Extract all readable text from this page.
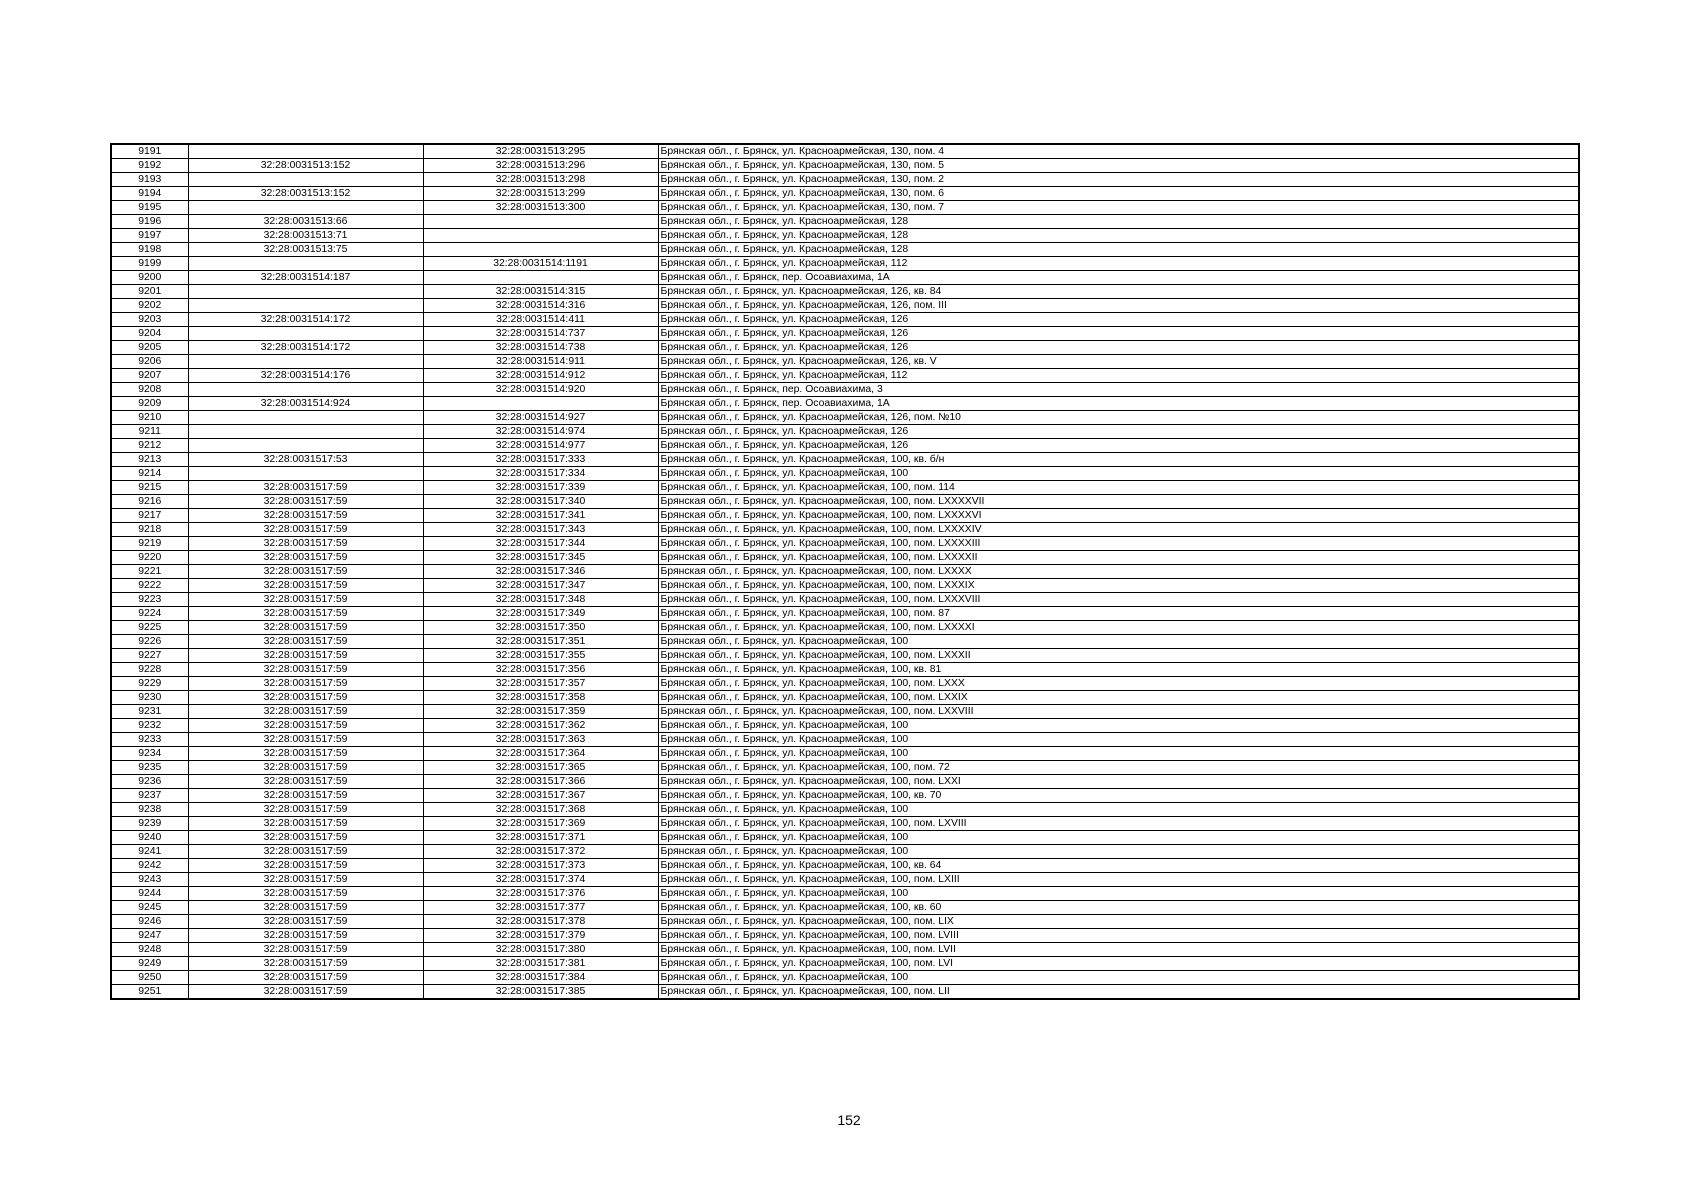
9191		32:28:0031513:295	Брянская обл., г. Брянск, ул. Красноармейская, 130, пом. 4
9192	32:28:0031513:152	32:28:0031513:296	Брянская обл., г. Брянск, ул. Красноармейская, 130, пом. 5
9193		32:28:0031513:298	Брянская обл., г. Брянск, ул. Красноармейская, 130, пом. 2
9194	32:28:0031513:152	32:28:0031513:299	Брянская обл., г. Брянск, ул. Красноармейская, 130, пом. 6
9195		32:28:0031513:300	Брянская обл., г. Брянск, ул. Красноармейская, 130, пом. 7
9196	32:28:0031513:66		Брянская обл., г. Брянск, ул. Красноармейская, 128
9197	32:28:0031513:71		Брянская обл., г. Брянск, ул. Красноармейская, 128
9198	32:28:0031513:75		Брянская обл., г. Брянск, ул. Красноармейская, 128
9199		32:28:0031514:1191	Брянская обл., г. Брянск, ул. Красноармейская, 112
9200	32:28:0031514:187		Брянская обл., г. Брянск, пер. Осоавиахима, 1А
9201		32:28:0031514:315	Брянская обл., г. Брянск, ул. Красноармейская, 126, кв. 84
9202		32:28:0031514:316	Брянская обл., г. Брянск, ул. Красноармейская, 126, пом. III
9203	32:28:0031514:172	32:28:0031514:411	Брянская обл., г. Брянск, ул. Красноармейская, 126
9204		32:28:0031514:737	Брянская обл., г. Брянск, ул. Красноармейская, 126
9205	32:28:0031514:172	32:28:0031514:738	Брянская обл., г. Брянск, ул. Красноармейская, 126
9206		32:28:0031514:911	Брянская обл., г. Брянск, ул. Красноармейская, 126, кв. V
9207	32:28:0031514:176	32:28:0031514:912	Брянская обл., г. Брянск, ул. Красноармейская, 112
9208		32:28:0031514:920	Брянская обл., г. Брянск, пер. Осоавиахима, 3
9209	32:28:0031514:924		Брянская обл., г. Брянск, пер. Осоавиахима, 1А
9210		32:28:0031514:927	Брянская обл., г. Брянск, ул. Красноармейская, 126, пом. №10
9211		32:28:0031514:974	Брянская обл., г. Брянск, ул. Красноармейская, 126
9212		32:28:0031514:977	Брянская обл., г. Брянск, ул. Красноармейская, 126
9213	32:28:0031517:53	32:28:0031517:333	Брянская обл., г. Брянск, ул. Красноармейская, 100, кв. б/н
9214		32:28:0031517:334	Брянская обл., г. Брянск, ул. Красноармейская, 100
9215	32:28:0031517:59	32:28:0031517:339	Брянская обл., г. Брянск, ул. Красноармейская, 100, пом. 114
9216	32:28:0031517:59	32:28:0031517:340	Брянская обл., г. Брянск, ул. Красноармейская, 100, пом. LXXXXVII
9217	32:28:0031517:59	32:28:0031517:341	Брянская обл., г. Брянск, ул. Красноармейская, 100, пом. LXXXXVI
9218	32:28:0031517:59	32:28:0031517:343	Брянская обл., г. Брянск, ул. Красноармейская, 100, пом. LXXXXIV
9219	32:28:0031517:59	32:28:0031517:344	Брянская обл., г. Брянск, ул. Красноармейская, 100, пом. LXXXXIII
9220	32:28:0031517:59	32:28:0031517:345	Брянская обл., г. Брянск, ул. Красноармейская, 100, пом. LXXXXII
9221	32:28:0031517:59	32:28:0031517:346	Брянская обл., г. Брянск, ул. Красноармейская, 100, пом. LXXXX
9222	32:28:0031517:59	32:28:0031517:347	Брянская обл., г. Брянск, ул. Красноармейская, 100, пом. LXXXIX
9223	32:28:0031517:59	32:28:0031517:348	Брянская обл., г. Брянск, ул. Красноармейская, 100, пом. LXXXVIII
9224	32:28:0031517:59	32:28:0031517:349	Брянская обл., г. Брянск, ул. Красноармейская, 100, пом. 87
9225	32:28:0031517:59	32:28:0031517:350	Брянская обл., г. Брянск, ул. Красноармейская, 100, пом. LXXXXI
9226	32:28:0031517:59	32:28:0031517:351	Брянская обл., г. Брянск, ул. Красноармейская, 100
9227	32:28:0031517:59	32:28:0031517:355	Брянская обл., г. Брянск, ул. Красноармейская, 100, пом. LXXXII
9228	32:28:0031517:59	32:28:0031517:356	Брянская обл., г. Брянск, ул. Красноармейская, 100, кв. 81
9229	32:28:0031517:59	32:28:0031517:357	Брянская обл., г. Брянск, ул. Красноармейская, 100, пом. LXXX
9230	32:28:0031517:59	32:28:0031517:358	Брянская обл., г. Брянск, ул. Красноармейская, 100, пом. LXXIX
9231	32:28:0031517:59	32:28:0031517:359	Брянская обл., г. Брянск, ул. Красноармейская, 100, пом. LXXVIII
9232	32:28:0031517:59	32:28:0031517:362	Брянская обл., г. Брянск, ул. Красноармейская, 100
9233	32:28:0031517:59	32:28:0031517:363	Брянская обл., г. Брянск, ул. Красноармейская, 100
9234	32:28:0031517:59	32:28:0031517:364	Брянская обл., г. Брянск, ул. Красноармейская, 100
9235	32:28:0031517:59	32:28:0031517:365	Брянская обл., г. Брянск, ул. Красноармейская, 100, пом. 72
9236	32:28:0031517:59	32:28:0031517:366	Брянская обл., г. Брянск, ул. Красноармейская, 100, пом. LXXI
9237	32:28:0031517:59	32:28:0031517:367	Брянская обл., г. Брянск, ул. Красноармейская, 100, кв. 70
9238	32:28:0031517:59	32:28:0031517:368	Брянская обл., г. Брянск, ул. Красноармейская, 100
9239	32:28:0031517:59	32:28:0031517:369	Брянская обл., г. Брянск, ул. Красноармейская, 100, пом. LXVIII
9240	32:28:0031517:59	32:28:0031517:371	Брянская обл., г. Брянск, ул. Красноармейская, 100
9241	32:28:0031517:59	32:28:0031517:372	Брянская обл., г. Брянск, ул. Красноармейская, 100
9242	32:28:0031517:59	32:28:0031517:373	Брянская обл., г. Брянск, ул. Красноармейская, 100, кв. 64
9243	32:28:0031517:59	32:28:0031517:374	Брянская обл., г. Брянск, ул. Красноармейская, 100, пом. LXIII
9244	32:28:0031517:59	32:28:0031517:376	Брянская обл., г. Брянск, ул. Красноармейская, 100
9245	32:28:0031517:59	32:28:0031517:377	Брянская обл., г. Брянск, ул. Красноармейская, 100, кв. 60
9246	32:28:0031517:59	32:28:0031517:378	Брянская обл., г. Брянск, ул. Красноармейская, 100, пом. LIX
9247	32:28:0031517:59	32:28:0031517:379	Брянская обл., г. Брянск, ул. Красноармейская, 100, пом. LVIII
9248	32:28:0031517:59	32:28:0031517:380	Брянская обл., г. Брянск, ул. Красноармейская, 100, пом. LVII
9249	32:28:0031517:59	32:28:0031517:381	Брянская обл., г. Брянск, ул. Красноармейская, 100, пом. LVI
9250	32:28:0031517:59	32:28:0031517:384	Брянская обл., г. Брянск, ул. Красноармейская, 100
9251	32:28:0031517:59	32:28:0031517:385	Брянская обл., г. Брянск, ул. Красноармейская, 100, пом. LII
152
